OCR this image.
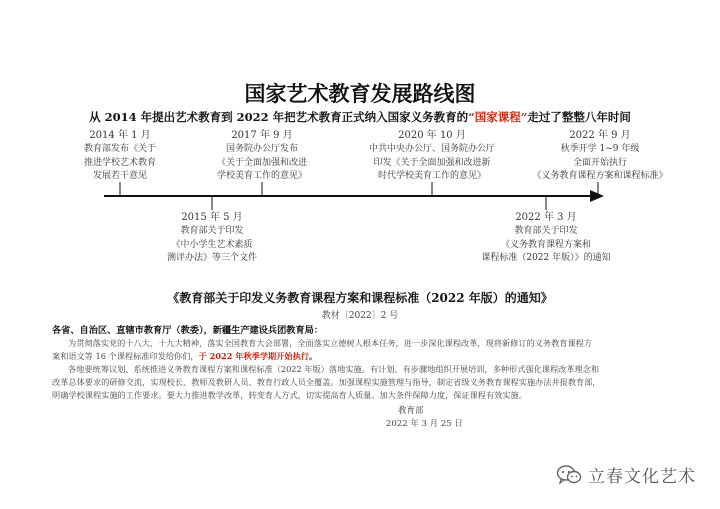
国家艺术教育发展路线图
从 2014 年提出艺术教育到 2022 年把艺术教育正式纳入国家义务教育的“国家课程”走过了整整八年时间
2014 年 1 月
教育部发布《关于
推进学校艺术教育
发展若干意见
2017 年 9 月
国务院办公厅发布
《关于全面加强和改进
学校美育工作的意见》
2020 年 10 月
中共中央办公厅、国务院办公厅
印发《关于全面加强和改进新
时代学校美育工作的意见》
2022 年 9 月
秋季开学 1~9 年级
全面开始执行
《义务教育课程方案和课程标准》
2015 年 5 月
教育部关于印发
《中小学生艺术素质
测评办法》等三个文件
2022 年 3 月
教育部关于印发
《义务教育课程方案和
课程标准（2022 年版）》的通知
《教育部关于印发义务教育课程方案和课程标准（2022 年版）的通知》
教材〔2022〕2 号
各省、自治区、直辖市教育厅（教委），新疆生产建设兵团教育局：
为贯彻落实党的十八大、十九大精神，落实全国教育大会部署，全面落实立德树人根本任务，进一步深化课程改革，现将新修订的义务教育课程方
案和语文等 16 个课程标准印发给你们，于 2022 年秋季学期开始执行。
各地要统筹议划、系统推进义务教育课程方案和课程标准（2022 年版）落地实施。有计划、有步骤地组织开展培训，多种形式强化课程改革理念和
改革总体要求的研修交流，实现校长、教师及教研人员、教育行政人员全覆盖。加强课程实施管理与指导，制定省级义务教育课程实施办法并报教育部，
明确学校课程实施的工作要求。要大力推进教学改革，转变育人方式，切实提高育人质量。加大条件保障力度，保证课程有效实施。
教育部
2022 年 3 月 25 日
立春文化艺术
